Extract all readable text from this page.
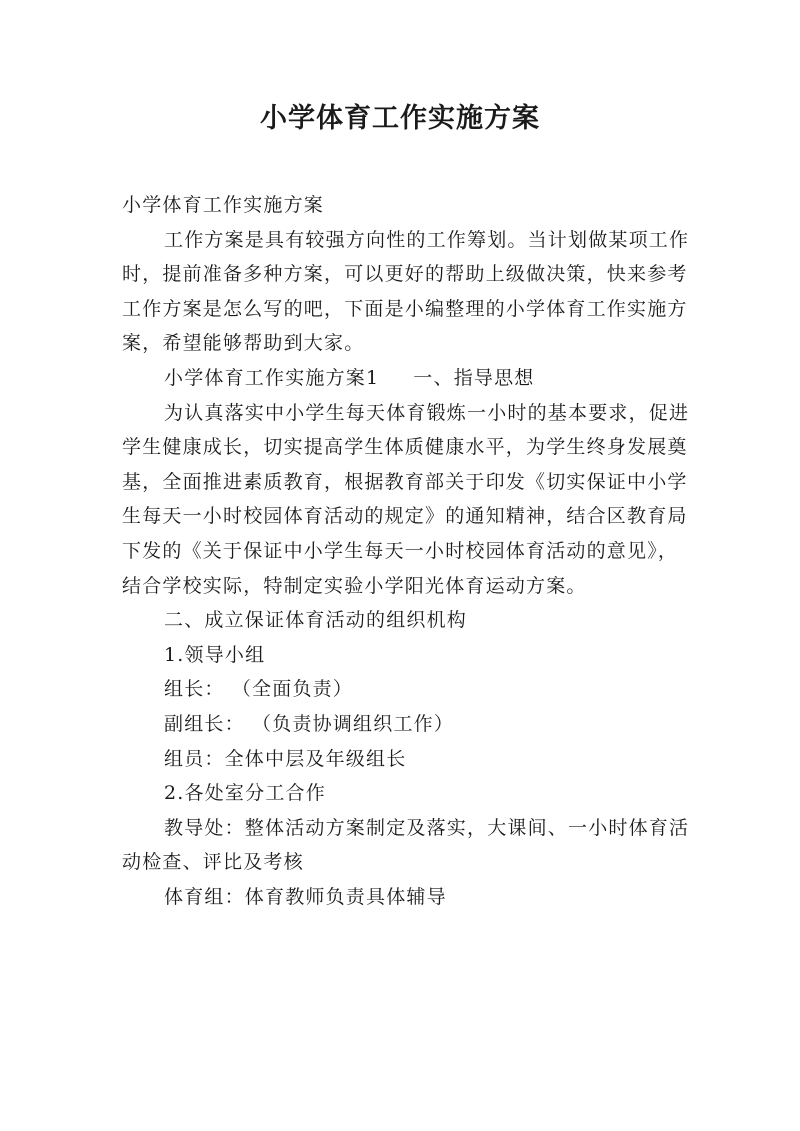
小学体育工作实施方案

小学体育工作实施方案

工作方案是具有较强方向性的工作筹划。当计划做某项工作时，提前准备多种方案，可以更好的帮助上级做决策，快来参考工作方案是怎么写的吧，下面是小编整理的小学体育工作实施方案，希望能够帮助到大家。

小学体育工作实施方案1 一、指导思想

为认真落实中小学生每天体育锻炼一小时的基本要求，促进学生健康成长，切实提高学生体质健康水平，为学生终身发展奠基，全面推进素质教育，根据教育部关于印发《切实保证中小学生每天一小时校园体育活动的规定》的通知精神，结合区教育局下发的《关于保证中小学生每天一小时校园体育活动的意见》，结合学校实际，特制定实验小学阳光体育运动方案。

二、成立保证体育活动的组织机构

1.领导小组

组长： （全面负责）

副组长： （负责协调组织工作）

组员：全体中层及年级组长

2.各处室分工合作

教导处：整体活动方案制定及落实，大课间、一小时体育活动检查、评比及考核

体育组：体育教师负责具体辅导
